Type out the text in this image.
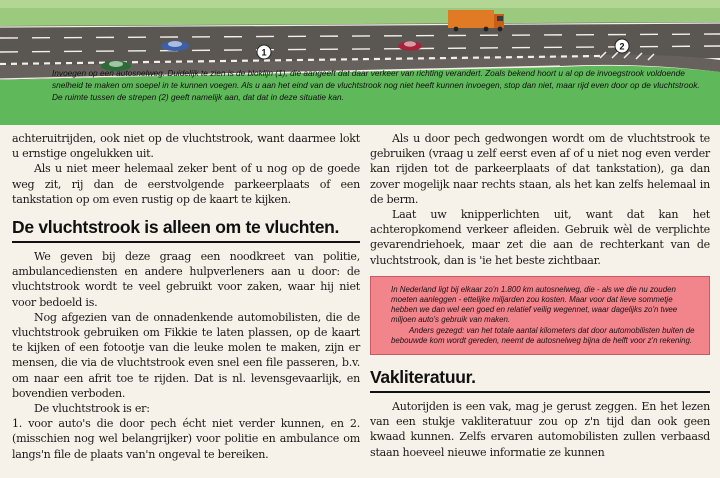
1
2
Invoegen op een autosnelweg. Duidelijk te zien is de bloklijn (1), die aangeeft dat daar verkeer van richting verandert. Zoals bekend hoort u al op de invoegstrook voldoende snelheid te maken om soepel in te kunnen voegen. Als u aan het eind van de vluchtstrook nog niet heeft kunnen invoegen, stop dan niet, maar rijd even door op de vluchtstrook. De ruimte tussen de strepen (2) geeft namelijk aan, dat dat in deze situatie kan.

achteruitrijden, ook niet op de vluchtstrook, want daarmee lokt u ernstige ongelukken uit.

Als u niet meer helemaal zeker bent of u nog op de goede weg zit, rij dan de eerstvolgende parkeerplaats of een tankstation op om even rustig op de kaart te kijken.

De vluchtstrook is alleen om te vluchten.

We geven bij deze graag een noodkreet van politie, ambulancediensten en andere hulpverleners aan u door: de vluchtstrook wordt te veel gebruikt voor zaken, waar hij niet voor bedoeld is.

Nog afgezien van de onnadenkende automobilisten, die de vluchtstrook gebruiken om Fikkie te laten plassen, op de kaart te kijken of een fotootje van die leuke molen te maken, zijn er mensen, die via de vluchtstrook even snel een file passeren, b.v. om naar een afrit toe te rijden. Dat is nl. levensgevaarlijk, en bovendien verboden.

De vluchtstrook is er:

1. voor auto's die door pech écht niet verder kunnen, en 2. (misschien nog wel belangrijker) voor politie en ambulance om langs'n file de plaats van'n ongeval te bereiken.

Als u door pech gedwongen wordt om de vluchtstrook te gebruiken (vraag u zelf eerst even af of u niet nog even verder kan rijden tot de parkeerplaats of dat tankstation), ga dan zover mogelijk naar rechts staan, als het kan zelfs helemaal in de berm.

Laat uw knipperlichten uit, want dat kan het achteropkomend verkeer afleiden. Gebruik wèl de verplichte gevarendriehoek, maar zet die aan de rechterkant van de vluchtstrook, dan is 'ie het beste zichtbaar.

In Nederland ligt bij elkaar zo'n 1.800 km autosnelweg, die - als we die nu zouden moeten aanleggen - ettelijke miljarden zou kosten. Maar voor dat lieve sommetje hebben we dan wel een goed en relatief veilig wegennet, waar dagelijks zo'n twee miljoen auto's gebruik van maken.

Anders gezegd: van het totale aantal kilometers dat door automobilisten buiten de bebouwde kom wordt gereden, neemt de autosnelweg bijna de helft voor z'n rekening.

Vakliteratuur.

Autorijden is een vak, mag je gerust zeggen. En het lezen van een stukje vakliteratuur zou op z'n tijd dan ook geen kwaad kunnen. Zelfs ervaren automobilisten zullen verbaasd staan hoeveel nieuwe informatie ze kunnen
